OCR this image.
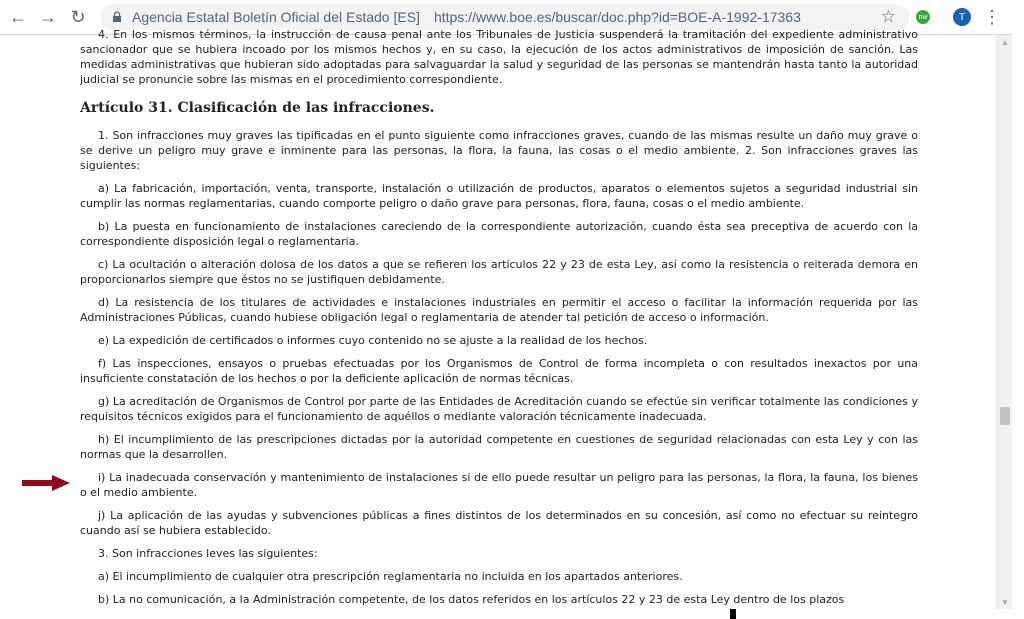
← → ↻	Agencia Estatal Boletín Oficial del Estado [ES] https://www.boe.es/buscar/doc.php?id=BOE-A-1992-17363	☆	nw	T ⋮

4. En los mismos términos, la instrucción de causa penal ante los Tribunales de Justicia suspenderá la tramitación del expediente administrativo sancionador que se hubiera incoado por los mismos hechos y, en su caso, la ejecución de los actos administrativos de imposición de sanción. Las medidas administrativas que hubieran sido adoptadas para salvaguardar la salud y seguridad de las personas se mantendrán hasta tanto la autoridad judicial se pronuncie sobre las mismas en el procedimiento correspondiente.

Artículo 31. Clasificación de las infracciones.

1. Son infracciones muy graves las tipificadas en el punto siguiente como infracciones graves, cuando de las mismas resulte un daño muy grave o se derive un peligro muy grave e inminente para las personas, la flora, la fauna, las cosas o el medio ambiente. 2. Son infracciones graves las siguientes:

a) La fabricación, importación, venta, transporte, instalación o utilización de productos, aparatos o elementos sujetos a seguridad industrial sin cumplir las normas reglamentarias, cuando comporte peligro o daño grave para personas, flora, fauna, cosas o el medio ambiente.

b) La puesta en funcionamiento de instalaciones careciendo de la correspondiente autorización, cuando ésta sea preceptiva de acuerdo con la correspondiente disposición legal o reglamentaria.

c) La ocultación o alteración dolosa de los datos a que se refieren los artículos 22 y 23 de esta Ley, así como la resistencia o reiterada demora en proporcionarlos siempre que éstos no se justifiquen debidamente.

d) La resistencia de los titulares de actividades e instalaciones industriales en permitir el acceso o facilitar la información requerida por las Administraciones Públicas, cuando hubiese obligación legal o reglamentaria de atender tal petición de acceso o información.

e) La expedición de certificados o informes cuyo contenido no se ajuste a la realidad de los hechos.

f) Las inspecciones, ensayos o pruebas efectuadas por los Organismos de Control de forma incompleta o con resultados inexactos por una insuficiente constatación de los hechos o por la deficiente aplicación de normas técnicas.

g) La acreditación de Organismos de Control por parte de las Entidades de Acreditación cuando se efectúe sin verificar totalmente las condiciones y requisitos técnicos exigidos para el funcionamiento de aquéllos o mediante valoración técnicamente inadecuada.

h) El incumplimiento de las prescripciones dictadas por la autoridad competente en cuestiones de seguridad relacionadas con esta Ley y con las normas que la desarrollen.

i) La inadecuada conservación y mantenimiento de instalaciones si de ello puede resultar un peligro para las personas, la flora, la fauna, los bienes o el medio ambiente.

j) La aplicación de las ayudas y subvenciones públicas a fines distintos de los determinados en su concesión, así como no efectuar su reintegro cuando así se hubiera establecido.

3. Son infracciones leves las siguientes:

a) El incumplimiento de cualquier otra prescripción reglamentaria no incluida en los apartados anteriores.

b) La no comunicación, a la Administración competente, de los datos referidos en los artículos 22 y 23 de esta Ley dentro de los plazos

▲
▼
